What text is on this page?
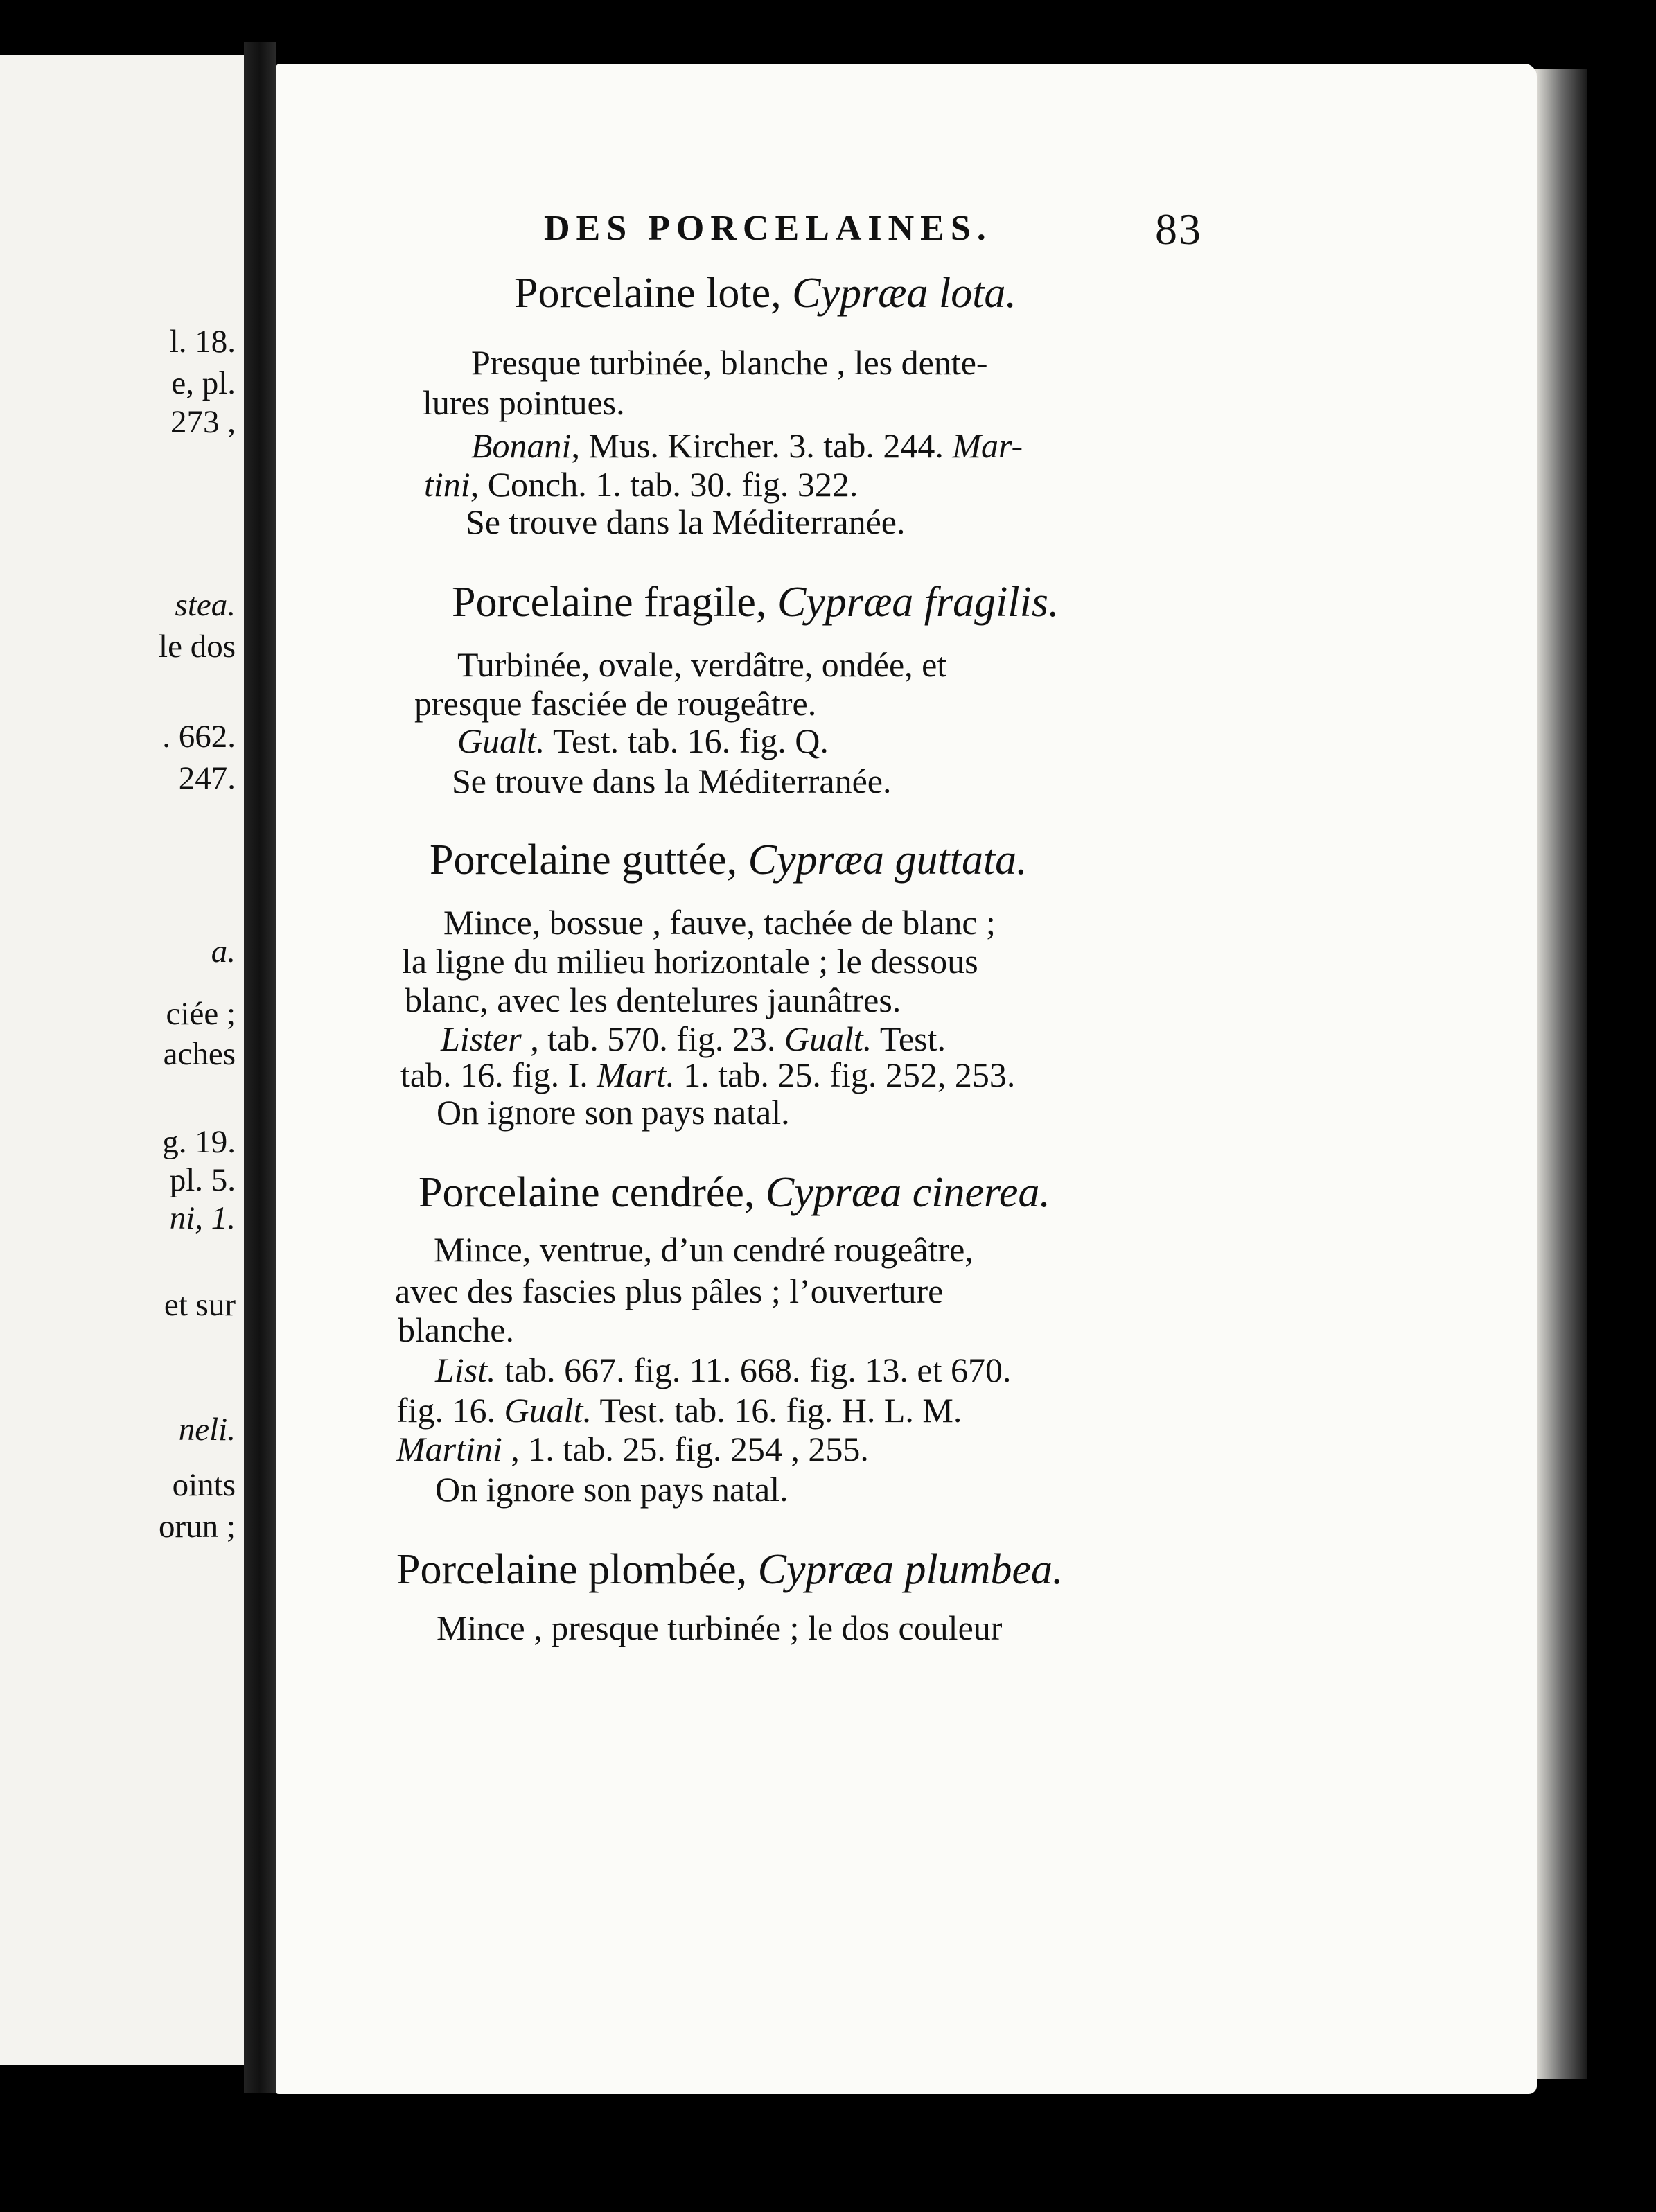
l. 18.
e, pl.
273 ,
stea.
le dos
. 662.
247.
a.
ciée ;
aches
g. 19.
pl. 5.
ni, 1.
et sur
neli.
oints
orun ;
DES PORCELAINES.	83
Porcelaine lote, Cypræa lota.
Presque turbinée, blanche , les dente-
lures pointues.
Bonani, Mus. Kircher. 3. tab. 244. Mar-
tini, Conch. 1. tab. 30. fig. 322.
Se trouve dans la Méditerranée.
Porcelaine fragile, Cypræa fragilis.
Turbinée, ovale, verdâtre, ondée, et
presque fasciée de rougeâtre.
Gualt. Test. tab. 16. fig. Q.
Se trouve dans la Méditerranée.
Porcelaine guttée, Cypræa guttata.
Mince, bossue , fauve, tachée de blanc ;
la ligne du milieu horizontale ; le dessous
blanc, avec les dentelures jaunâtres.
Lister , tab. 570. fig. 23. Gualt. Test.
tab. 16. fig. I. Mart. 1. tab. 25. fig. 252, 253.
On ignore son pays natal.
Porcelaine cendrée, Cypræa cinerea.
Mince, ventrue, d’un cendré rougeâtre,
avec des fascies plus pâles ; l’ouverture
blanche.
List. tab. 667. fig. 11. 668. fig. 13. et 670.
fig. 16. Gualt. Test. tab. 16. fig. H. L. M.
Martini , 1. tab. 25. fig. 254 , 255.
On ignore son pays natal.
Porcelaine plombée, Cypræa plumbea.
Mince , presque turbinée ; le dos couleur
